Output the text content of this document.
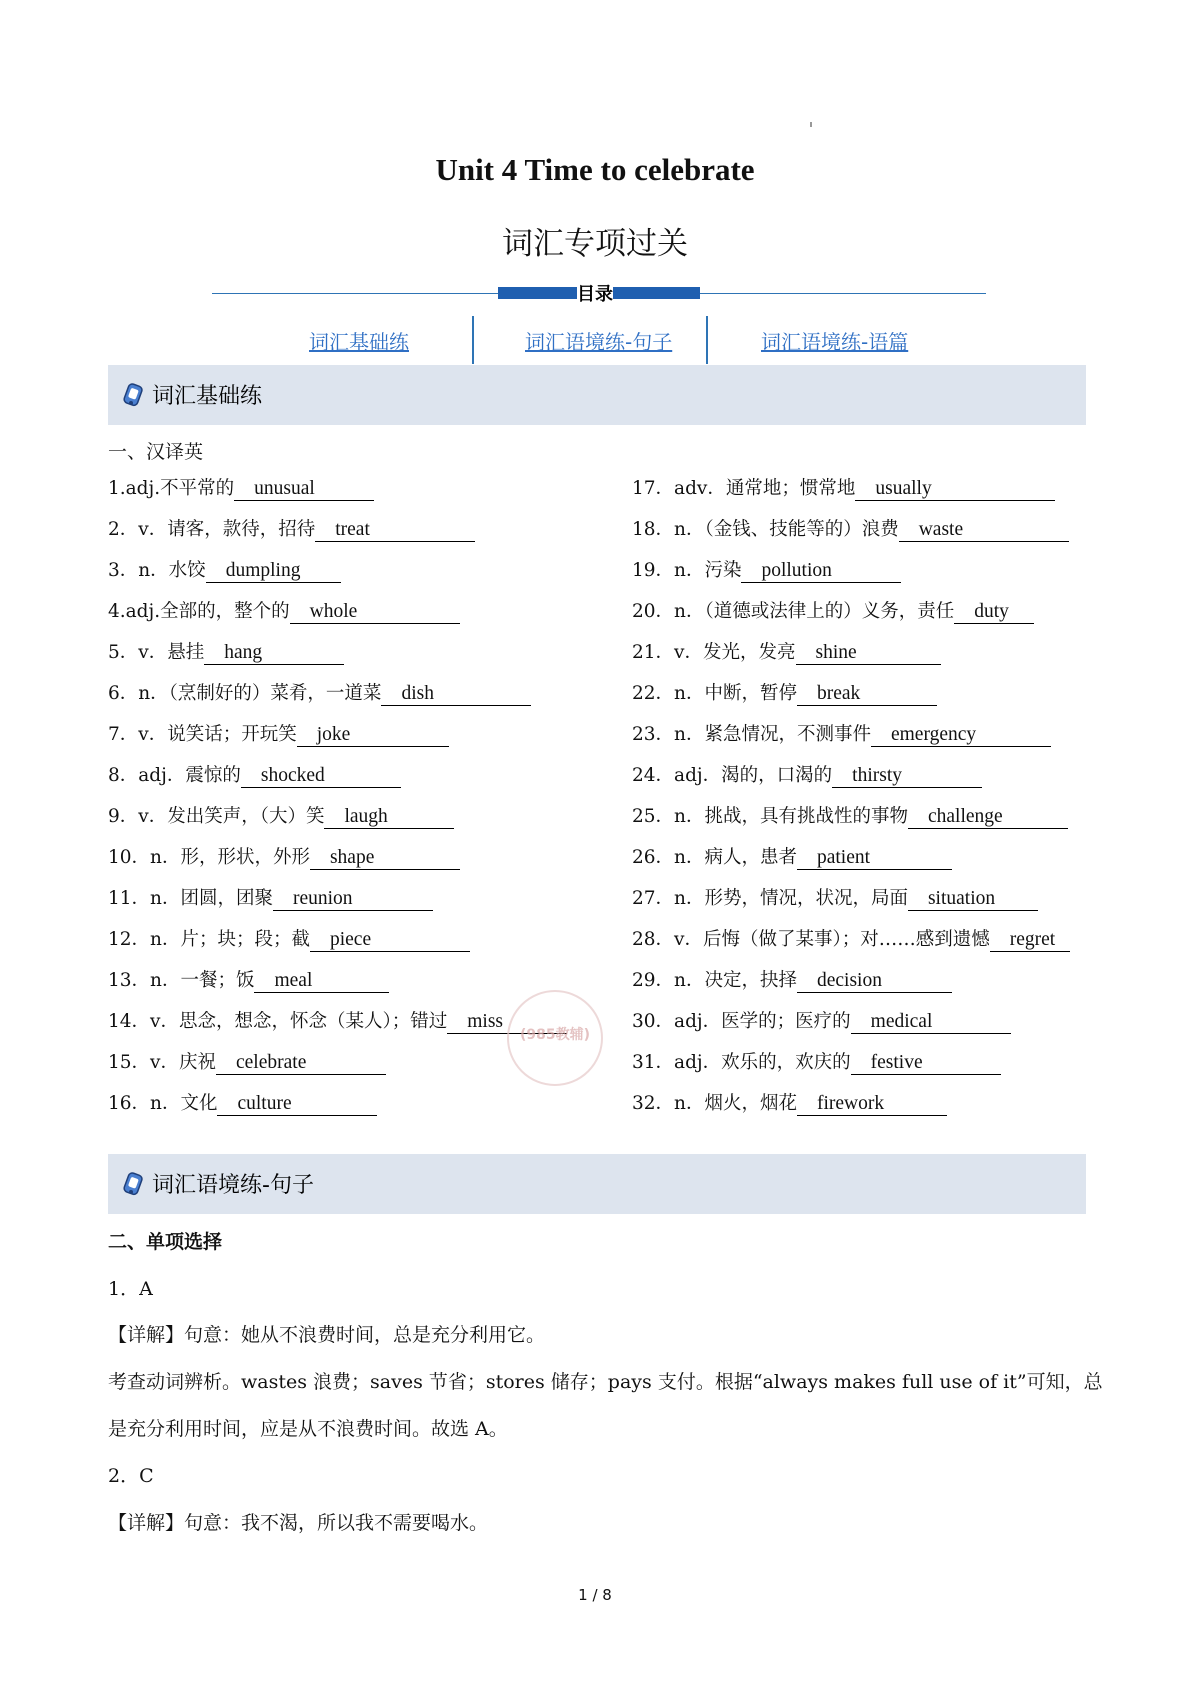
Unit 4 Time to celebrate
词汇专项过关
目录
词汇基础练	词汇语境练-句子	词汇语境练-语篇
词汇基础练
一、汉译英
1.adj.不平常的 unusual
2．v．请客，款待，招待 treat
3．n．水饺 dumpling
4.adj.全部的，整个的 whole
5．v．悬挂 hang
6．n．（烹制好的）菜肴，一道菜 dish
7．v．说笑话；开玩笑 joke
8．adj．震惊的 shocked
9．v．发出笑声，（大）笑 laugh
10．n．形，形状，外形 shape
11．n．团圆，团聚 reunion
12．n．片；块；段；截 piece
13．n．一餐；饭 meal
14．v．思念，想念，怀念（某人）；错过 miss
15．v．庆祝 celebrate
16．n．文化 culture
17．adv．通常地；惯常地 usually
18．n．（金钱、技能等的）浪费 waste
19．n．污染 pollution
20．n．（道德或法律上的）义务，责任 duty
21．v．发光，发亮 shine
22．n．中断，暂停 break
23．n．紧急情况，不测事件 emergency
24．adj．渴的，口渴的 thirsty
25．n．挑战，具有挑战性的事物 challenge
26．n．病人，患者 patient
27．n．形势，情况，状况，局面 situation
28．v．后悔（做了某事）；对……感到遗憾 regret
29．n．决定，抉择 decision
30．adj．医学的；医疗的 medical
31．adj．欢乐的，欢庆的 festive
32．n．烟火，烟花 firework
(985教辅)
词汇语境练-句子
二、单项选择
1．A
【详解】句意：她从不浪费时间，总是充分利用它。
考查动词辨析。wastes 浪费；saves 节省；stores 储存；pays 支付。根据“always makes full use of it”可知，总
是充分利用时间，应是从不浪费时间。故选 A。
2．C
【详解】句意：我不渴，所以我不需要喝水。
1 / 8
